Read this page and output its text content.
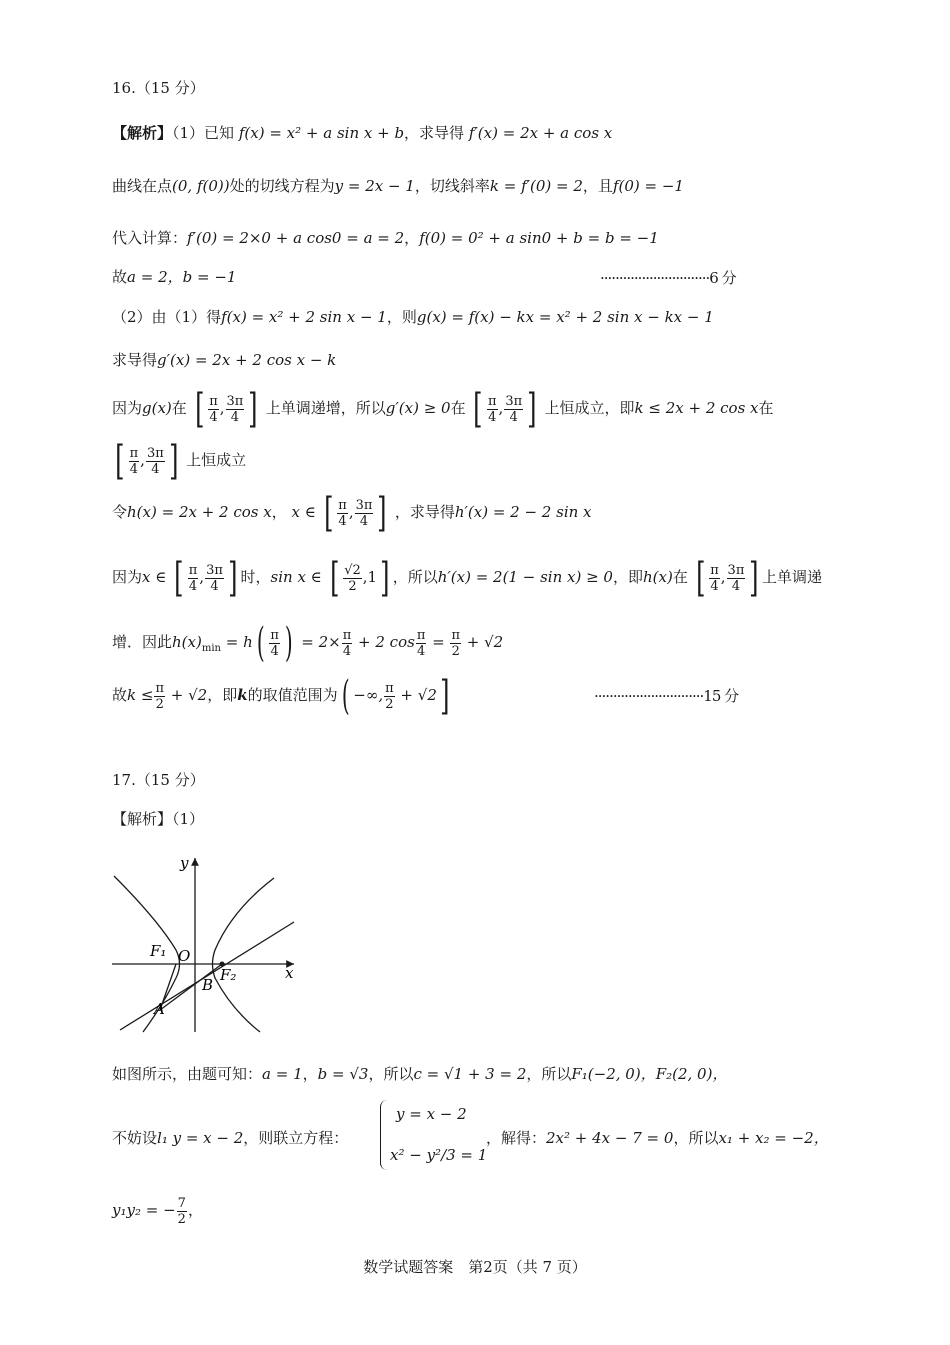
16.（15 分）
【解析】（1）已知 f(x) = x² + a sin x + b，求导得 f′(x) = 2x + a cos x
曲线在点(0, f(0))处的切线方程为y = 2x − 1，切线斜率k = f′(0) = 2，且f(0) = −1
代入计算：f′(0) = 2×0 + a cos0 = a = 2，f(0) = 0² + a sin0 + b = b = −1
故a = 2，b = −1	·····························6 分
（2）由（1）得f(x) = x² + 2 sin x − 1，则g(x) = f(x) − kx = x² + 2 sin x − kx − 1
求导得g′(x) = 2x + 2 cos x − k
因为g(x)在 [ $\frac{\pi}{4}$ , $\frac{3\pi}{4}$ ] 上单调递增，所以g′(x) ≥ 0在 [ $\frac{\pi}{4}$ , $\frac{3\pi}{4}$ ] 上恒成立，即k ≤ 2x + 2 cos x在
[ $\frac{\pi}{4}$ , $\frac{3\pi}{4}$ ] 上恒成立
令h(x) = 2x + 2 cos x， x ∈ [ $\frac{\pi}{4}$ , $\frac{3\pi}{4}$ ] ，求导得h′(x) = 2 − 2 sin x
因为x ∈ [ $\frac{\pi}{4}$ , $\frac{3\pi}{4}$ ] 时，sin x ∈ [ $\frac{√2}{2} ,1$] ，所以h′(x) = 2(1 − sin x) ≥ 0，即h(x)在 [ $\frac{\pi}{4}$ , $\frac{3\pi}{4}$ ] 上单调递
增．因此$h(x)_{min} = h( \frac{\pi}{4}$ ) = $2\times \frac{\pi}{4} + 2$ $\cos \frac{\pi}{4} = \frac{\pi}{2} + √2$
故$k \le \frac{\pi}{2} + √2$，即k的取值范围为( −∞, $\frac{\pi}{2} + √2$]	·····························15 分
17.（15 分）
【解析】（1）
y
x
O
F₁
F₂
B
A
如图所示，由题可知：a = 1，b = √3，所以c = √1 + 3 = 2，所以F₁(−2, 0)，F₂(2, 0)，
y = x − 2
不妨设l₁ y = x − 2，则联立方程：
x² − y²/3 = 1
，解得：2x² + 4x − 7 = 0，所以x₁ + x₂ = −2，
y₁y₂ = − $\frac{7}{2}$ ，
数学试题答案　第2页（共 7 页）
